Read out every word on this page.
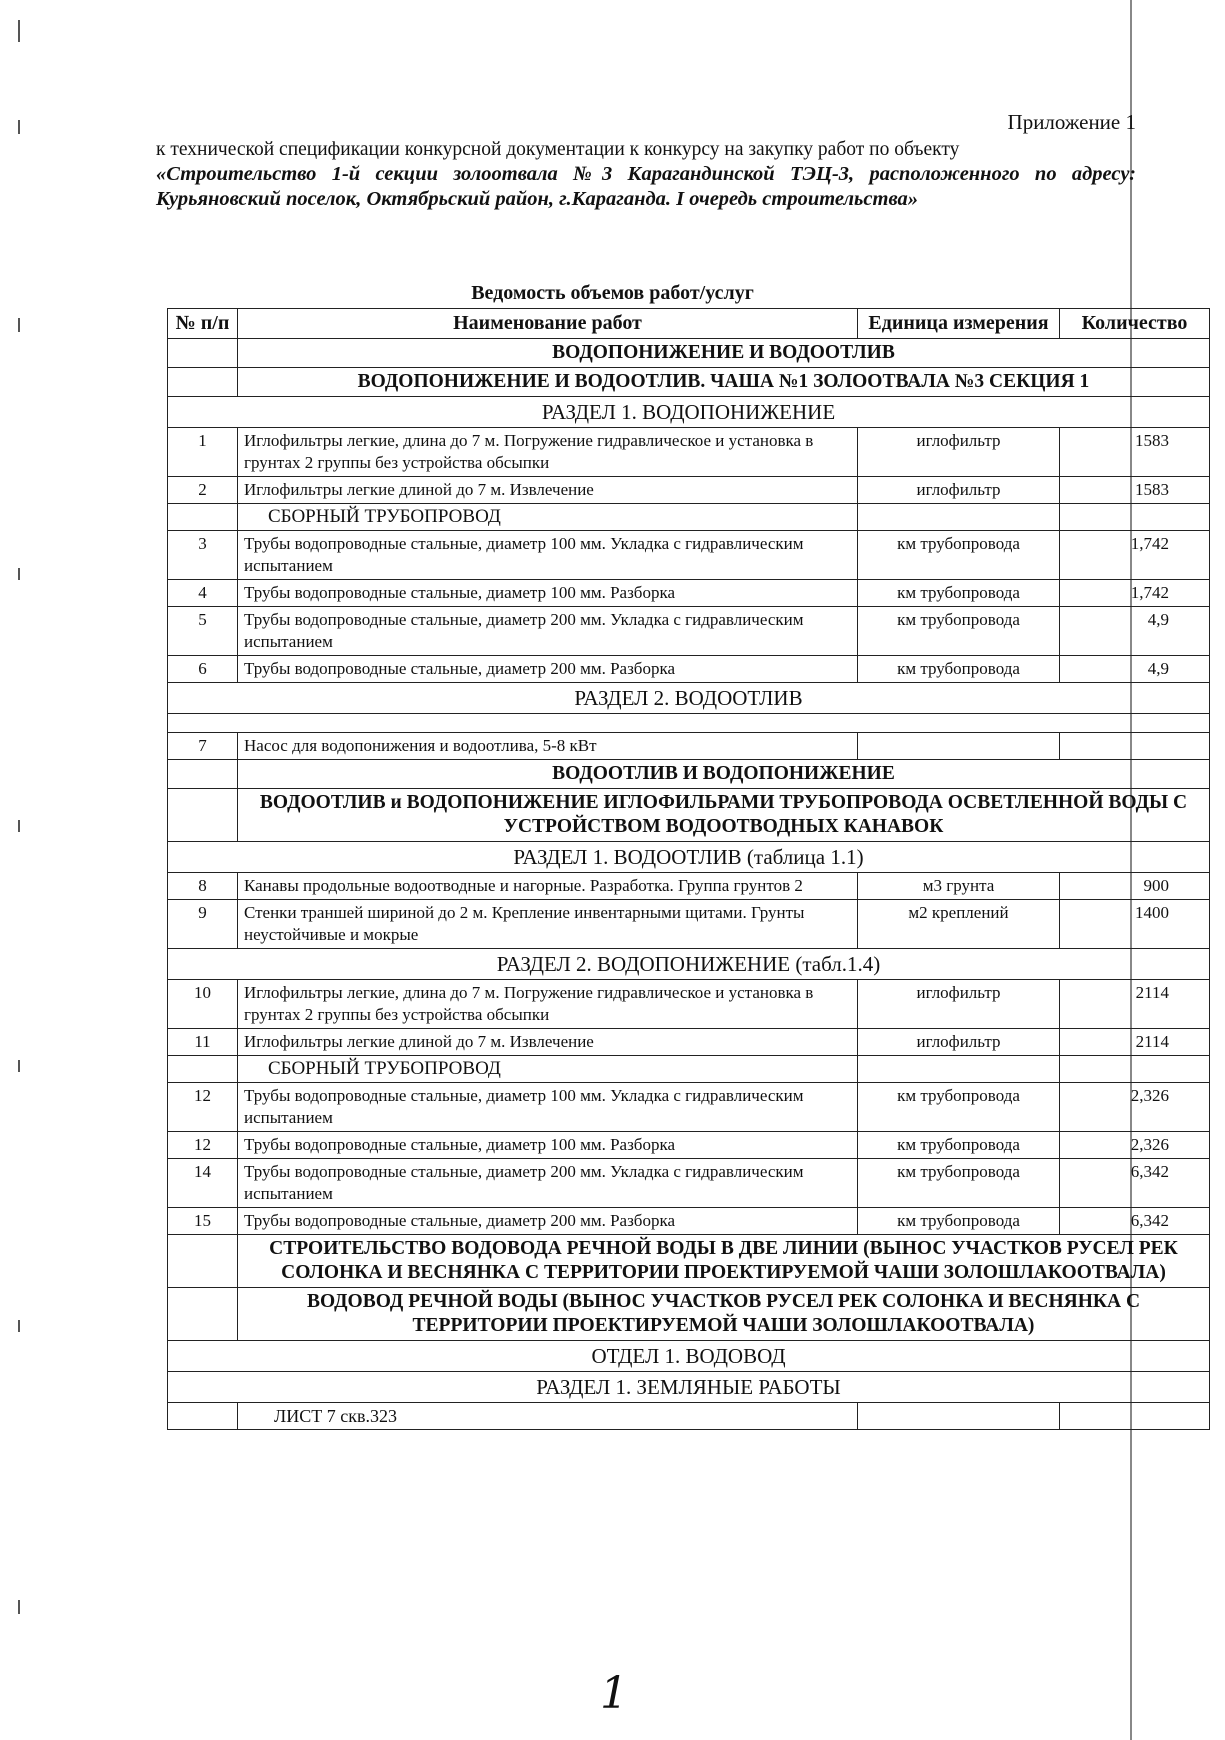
Приложение 1

к технической спецификации конкурсной документации к конкурсу на закупку работ по объекту

«Строительство 1-й секции золоотвала №3 Карагандинской ТЭЦ-3, расположенного по адресу: Курьяновский поселок, Октябрьский район, г.Караганда. I очередь строительства»

Ведомость объемов работ/услуг
№ п/п	Наименование работ	Единица измерения	Количество
	ВОДОПОНИЖЕНИЕ И ВОДООТЛИВ		
	ВОДОПОНИЖЕНИЕ И ВОДООТЛИВ. ЧАША №1 ЗОЛООТВАЛА №3 СЕКЦИЯ 1		
РАЗДЕЛ 1. ВОДОПОНИЖЕНИЕ			
1	Иглофильтры легкие, длина до 7 м. Погружение гидравлическое и установка в грунтах 2 группы без устройства обсыпки	иглофильтр	1583
2	Иглофильтры легкие длиной до 7 м. Извлечение	иглофильтр	1583
	СБОРНЫЙ ТРУБОПРОВОД		
3	Трубы водопроводные стальные, диаметр 100 мм. Укладка с гидравлическим испытанием	км трубопровода	1,742
4	Трубы водопроводные стальные, диаметр 100 мм. Разборка	км трубопровода	1,742
5	Трубы водопроводные стальные, диаметр 200 мм. Укладка с гидравлическим испытанием	км трубопровода	4,9
6	Трубы водопроводные стальные, диаметр 200 мм. Разборка	км трубопровода	4,9
РАЗДЕЛ 2. ВОДООТЛИВ			

7	Насос для водопонижения и водоотлива, 5-8 кВт		
	ВОДООТЛИВ И ВОДОПОНИЖЕНИЕ		
	ВОДООТЛИВ и ВОДОПОНИЖЕНИЕ ИГЛОФИЛЬРАМИ ТРУБОПРОВОДА ОСВЕТЛЕННОЙ ВОДЫ С УСТРОЙСТВОМ ВОДООТВОДНЫХ КАНАВОК		
РАЗДЕЛ 1. ВОДООТЛИВ (таблица 1.1)			
8	Канавы продольные водоотводные и нагорные. Разработка. Группа грунтов 2	м3 грунта	900
9	Стенки траншей шириной до 2 м. Крепление инвентарными щитами. Грунты неустойчивые и мокрые	м2 креплений	1400
РАЗДЕЛ 2. ВОДОПОНИЖЕНИЕ (табл.1.4)			
10	Иглофильтры легкие, длина до 7 м. Погружение гидравлическое и установка в грунтах 2 группы без устройства обсыпки	иглофильтр	2114
11	Иглофильтры легкие длиной до 7 м. Извлечение	иглофильтр	2114
	СБОРНЫЙ ТРУБОПРОВОД		
12	Трубы водопроводные стальные, диаметр 100 мм. Укладка с гидравлическим испытанием	км трубопровода	2,326
12	Трубы водопроводные стальные, диаметр 100 мм. Разборка	км трубопровода	2,326
14	Трубы водопроводные стальные, диаметр 200 мм. Укладка с гидравлическим испытанием	км трубопровода	6,342
15	Трубы водопроводные стальные, диаметр 200 мм. Разборка	км трубопровода	6,342
	СТРОИТЕЛЬСТВО ВОДОВОДА РЕЧНОЙ ВОДЫ В ДВЕ ЛИНИИ (ВЫНОС УЧАСТКОВ РУСЕЛ РЕК СОЛОНКА И ВЕСНЯНКА С ТЕРРИТОРИИ ПРОЕКТИРУЕМОЙ ЧАШИ ЗОЛОШЛАКООТВАЛА)		
	ВОДОВОД РЕЧНОЙ ВОДЫ (ВЫНОС УЧАСТКОВ РУСЕЛ РЕК СОЛОНКА И ВЕСНЯНКА С ТЕРРИТОРИИ ПРОЕКТИРУЕМОЙ ЧАШИ ЗОЛОШЛАКООТВАЛА)		
ОТДЕЛ 1. ВОДОВОД			
РАЗДЕЛ 1. ЗЕМЛЯНЫЕ РАБОТЫ			
	ЛИСТ 7 скв.323		
1
